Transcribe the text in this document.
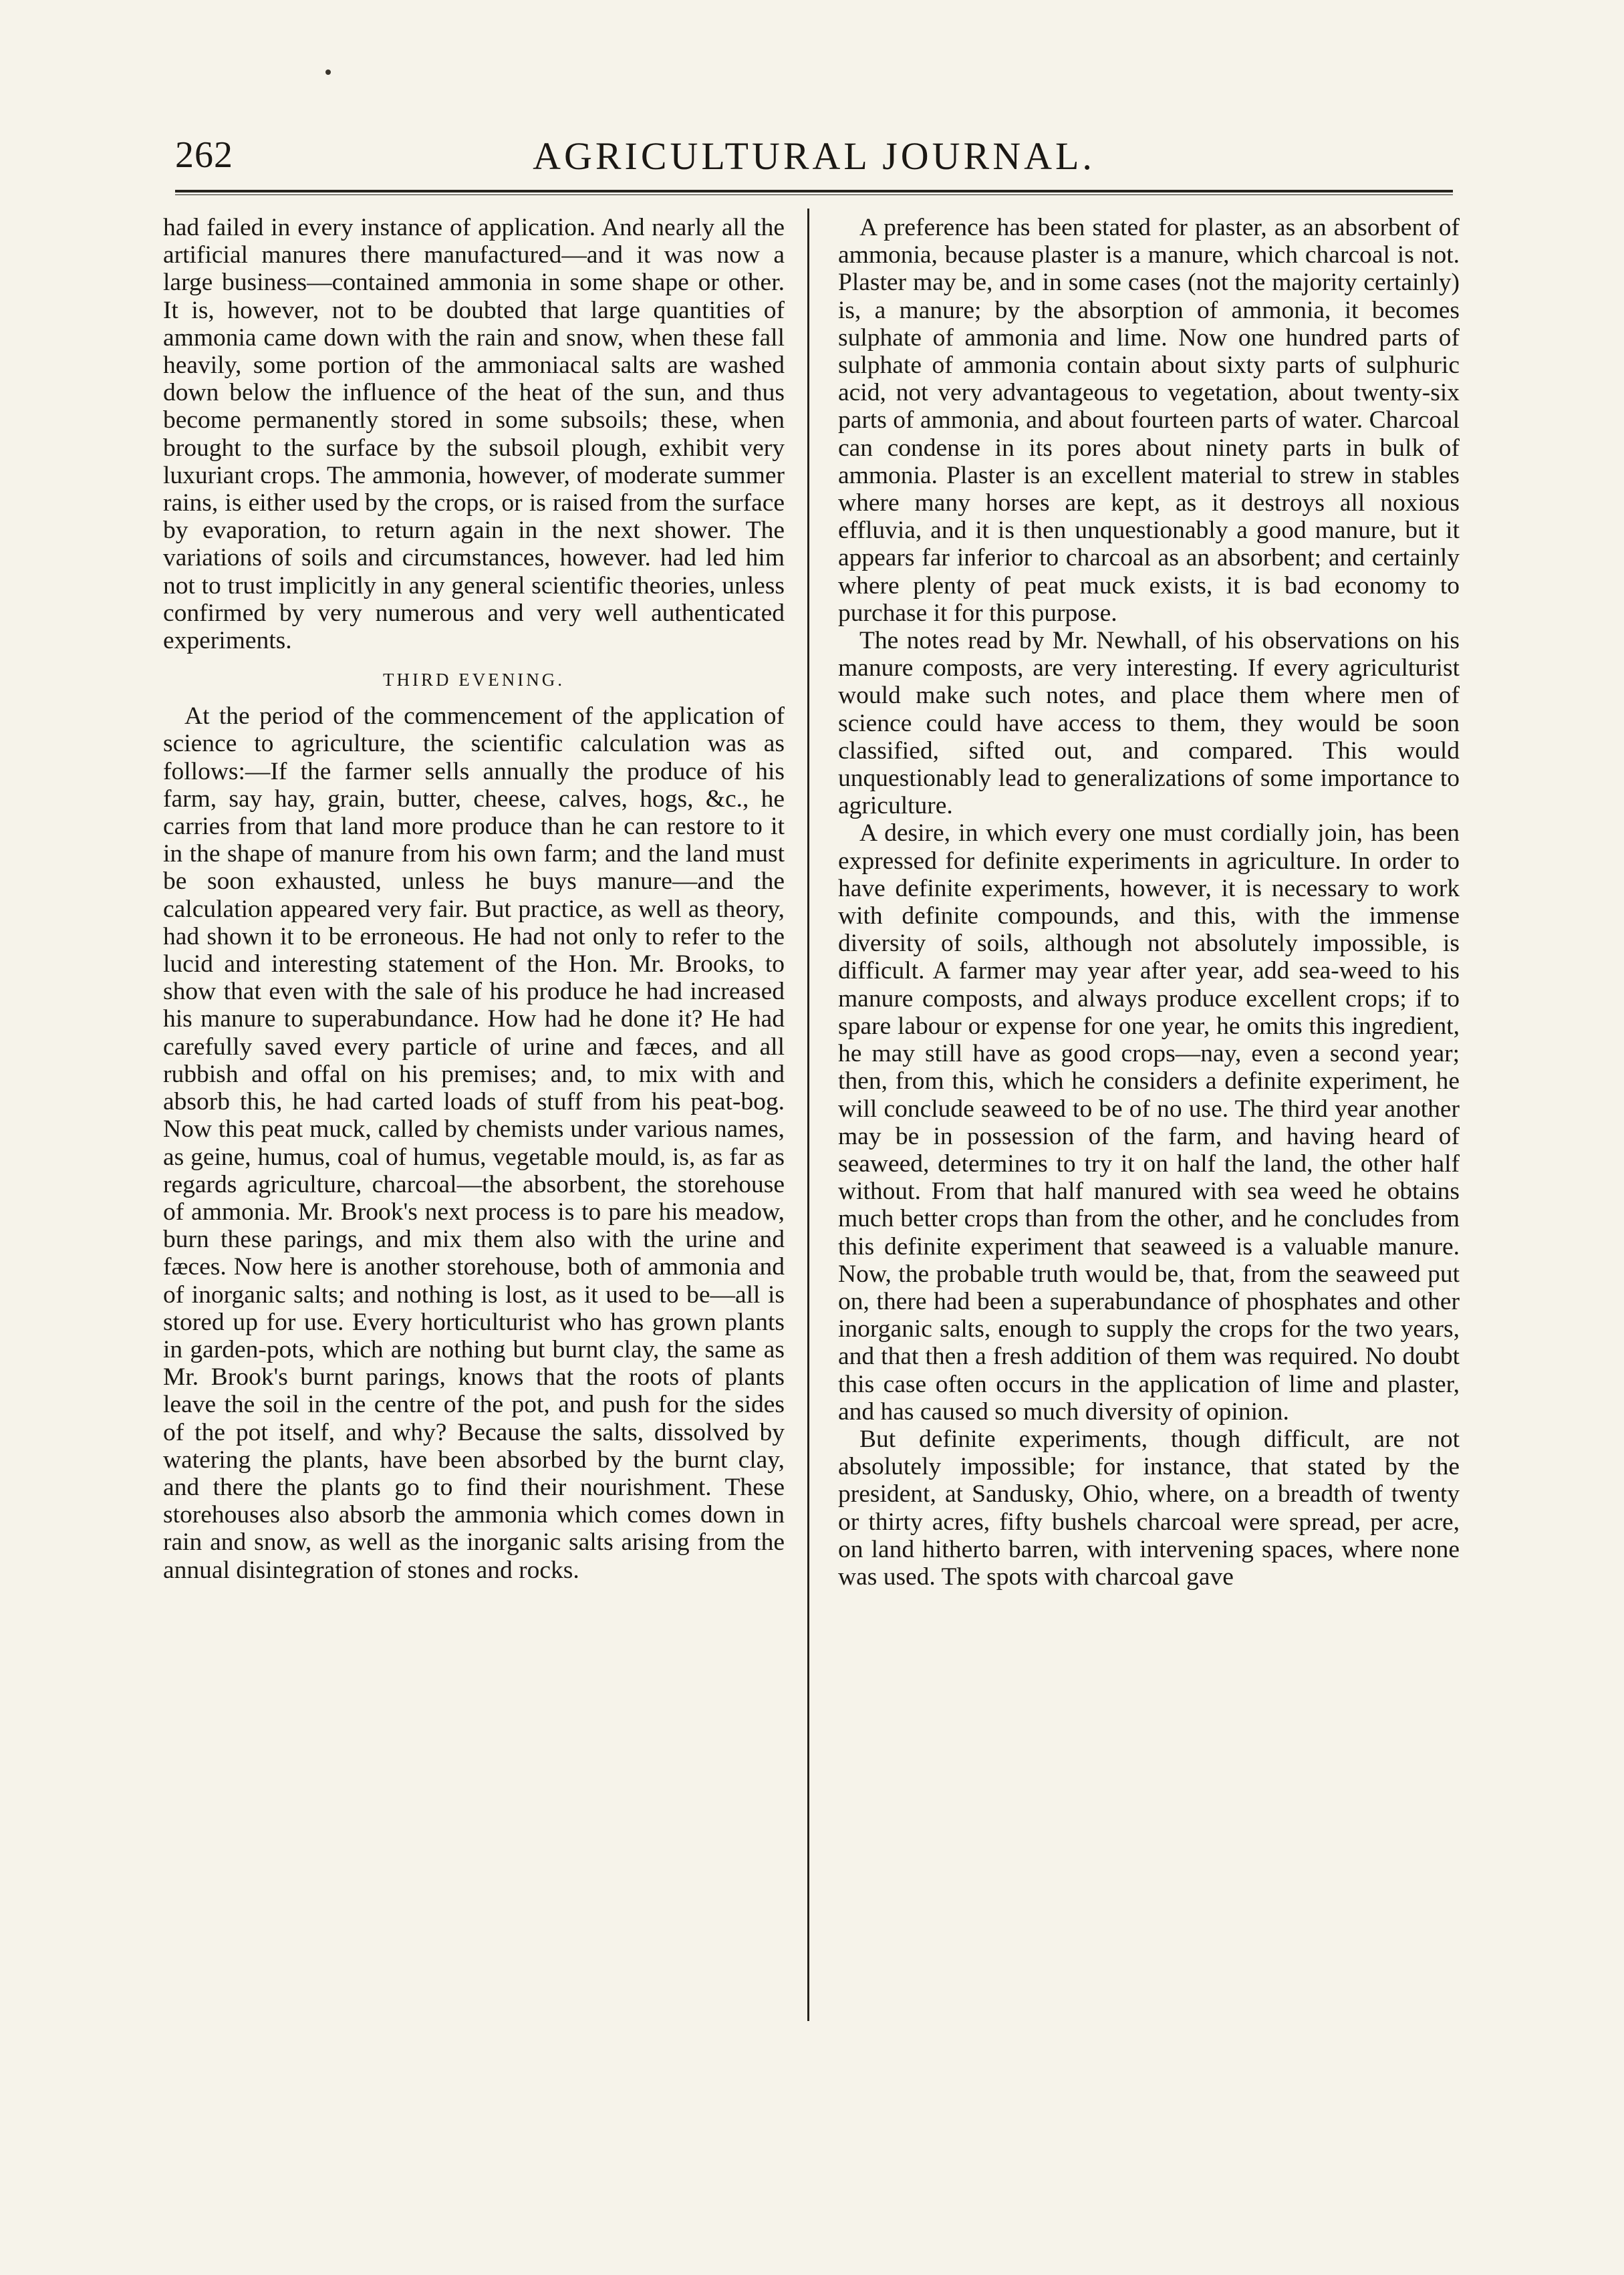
262	AGRICULTURAL JOURNAL.

had failed in every instance of application. And nearly all the artificial manures there manufactured—and it was now a large business—contained ammonia in some shape or other. It is, however, not to be doubted that large quantities of ammonia came down with the rain and snow, when these fall heavily, some portion of the ammoniacal salts are washed down below the influence of the heat of the sun, and thus become permanently stored in some subsoils; these, when brought to the surface by the subsoil plough, exhibit very luxuriant crops. The ammonia, however, of moderate summer rains, is either used by the crops, or is raised from the surface by evaporation, to return again in the next shower. The variations of soils and circumstances, however. had led him not to trust implicitly in any general scientific theories, unless confirmed by very numerous and very well authenticated experiments.

THIRD EVENING.

At the period of the commencement of the application of science to agriculture, the scientific calculation was as follows:—If the farmer sells annually the produce of his farm, say hay, grain, butter, cheese, calves, hogs, &c., he carries from that land more produce than he can restore to it in the shape of manure from his own farm; and the land must be soon exhausted, unless he buys manure—and the calculation appeared very fair. But practice, as well as theory, had shown it to be erroneous. He had not only to refer to the lucid and interesting statement of the Hon. Mr. Brooks, to show that even with the sale of his produce he had increased his manure to superabundance. How had he done it? He had carefully saved every particle of urine and fæces, and all rubbish and offal on his premises; and, to mix with and absorb this, he had carted loads of stuff from his peat-bog. Now this peat muck, called by chemists under various names, as geine, humus, coal of humus, vegetable mould, is, as far as regards agriculture, charcoal—the absorbent, the storehouse of ammonia. Mr. Brook's next process is to pare his meadow, burn these parings, and mix them also with the urine and fæces. Now here is another storehouse, both of ammonia and of inorganic salts; and nothing is lost, as it used to be—all is stored up for use. Every horticulturist who has grown plants in garden-pots, which are nothing but burnt clay, the same as Mr. Brook's burnt parings, knows that the roots of plants leave the soil in the centre of the pot, and push for the sides of the pot itself, and why? Because the salts, dissolved by watering the plants, have been absorbed by the burnt clay, and there the plants go to find their nourishment. These storehouses also absorb the ammonia which comes down in rain and snow, as well as the inorganic salts arising from the annual disintegration of stones and rocks.

A preference has been stated for plaster, as an absorbent of ammonia, because plaster is a manure, which charcoal is not. Plaster may be, and in some cases (not the majority certainly) is, a manure; by the absorption of ammonia, it becomes sulphate of ammonia and lime. Now one hundred parts of sulphate of ammonia contain about sixty parts of sulphuric acid, not very advantageous to vegetation, about twenty-six parts of ammonia, and about fourteen parts of water. Charcoal can condense in its pores about ninety parts in bulk of ammonia. Plaster is an excellent material to strew in stables where many horses are kept, as it destroys all noxious effluvia, and it is then unquestionably a good manure, but it appears far inferior to charcoal as an absorbent; and certainly where plenty of peat muck exists, it is bad economy to purchase it for this purpose.

The notes read by Mr. Newhall, of his observations on his manure composts, are very interesting. If every agriculturist would make such notes, and place them where men of science could have access to them, they would be soon classified, sifted out, and compared. This would unquestionably lead to generalizations of some importance to agriculture.

A desire, in which every one must cordially join, has been expressed for definite experiments in agriculture. In order to have definite experiments, however, it is necessary to work with definite compounds, and this, with the immense diversity of soils, although not absolutely impossible, is difficult. A farmer may year after year, add sea-weed to his manure composts, and always produce excellent crops; if to spare labour or expense for one year, he omits this ingredient, he may still have as good crops—nay, even a second year; then, from this, which he considers a definite experiment, he will conclude seaweed to be of no use. The third year another may be in possession of the farm, and having heard of seaweed, determines to try it on half the land, the other half without. From that half manured with sea weed he obtains much better crops than from the other, and he concludes from this definite experiment that seaweed is a valuable manure. Now, the probable truth would be, that, from the seaweed put on, there had been a superabundance of phosphates and other inorganic salts, enough to supply the crops for the two years, and that then a fresh addition of them was required. No doubt this case often occurs in the application of lime and plaster, and has caused so much diversity of opinion.

But definite experiments, though difficult, are not absolutely impossible; for instance, that stated by the president, at Sandusky, Ohio, where, on a breadth of twenty or thirty acres, fifty bushels charcoal were spread, per acre, on land hitherto barren, with intervening spaces, where none was used. The spots with charcoal gave
